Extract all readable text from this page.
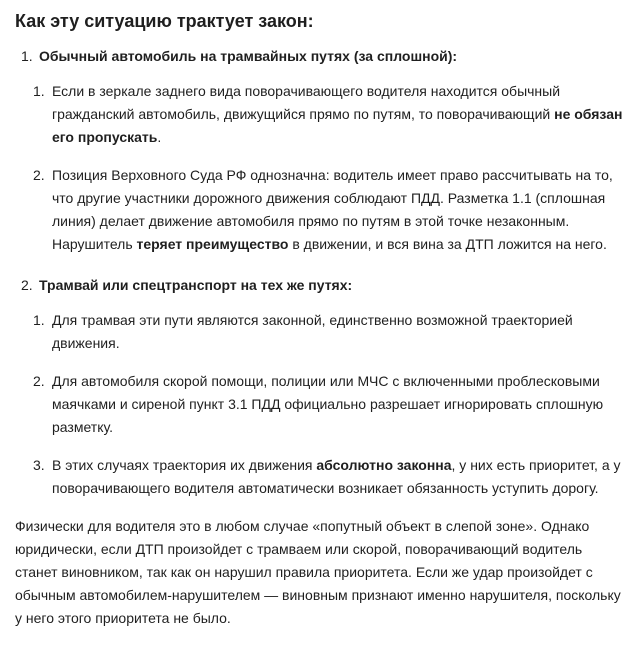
Как эту ситуацию трактует закон:
1. Обычный автомобиль на трамвайных путях (за сплошной):
1. Если в зеркале заднего вида поворачивающего водителя находится обычный гражданский автомобиль, движущийся прямо по путям, то поворачивающий не обязан его пропускать.
2. Позиция Верховного Суда РФ однозначна: водитель имеет право рассчитывать на то, что другие участники дорожного движения соблюдают ПДД. Разметка 1.1 (сплошная линия) делает движение автомобиля прямо по путям в этой точке незаконным. Нарушитель теряет преимущество в движении, и вся вина за ДТП ложится на него.
2. Трамвай или спецтранспорт на тех же путях:
1. Для трамвая эти пути являются законной, единственно возможной траекторией движения.
2. Для автомобиля скорой помощи, полиции или МЧС с включенными проблесковыми маячками и сиреной пункт 3.1 ПДД официально разрешает игнорировать сплошную разметку.
3. В этих случаях траектория их движения абсолютно законна, у них есть приоритет, а у поворачивающего водителя автоматически возникает обязанность уступить дорогу.

Физически для водителя это в любом случае «попутный объект в слепой зоне». Однако юридически, если ДТП произойдет с трамваем или скорой, поворачивающий водитель станет виновником, так как он нарушил правила приоритета. Если же удар произойдет с обычным автомобилем-нарушителем — виновным признают именно нарушителя, поскольку у него этого приоритета не было.
